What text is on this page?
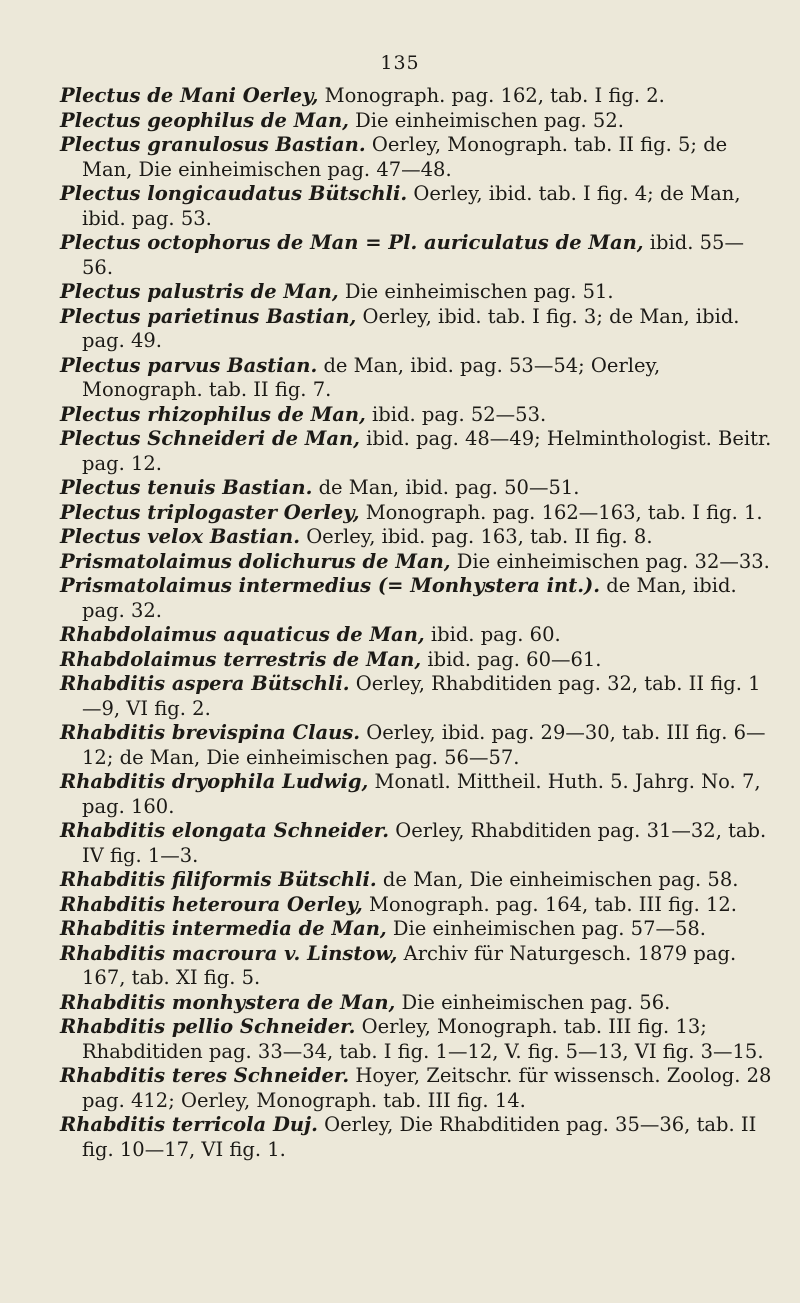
135
Plectus de Mani Oerley, Monograph. pag. 162, tab. I fig. 2.
Plectus geophilus de Man, Die einheimischen pag. 52.
Plectus granulosus Bastian. Oerley, Monograph. tab. II fig. 5; de Man, Die einheimischen pag. 47—48.
Plectus longicaudatus Bütschli. Oerley, ibid. tab. I fig. 4; de Man, ibid. pag. 53.
Plectus octophorus de Man = Pl. auriculatus de Man, ibid. 55—56.
Plectus palustris de Man, Die einheimischen pag. 51.
Plectus parietinus Bastian, Oerley, ibid. tab. I fig. 3; de Man, ibid. pag. 49.
Plectus parvus Bastian. de Man, ibid. pag. 53—54; Oerley, Monograph. tab. II fig. 7.
Plectus rhizophilus de Man, ibid. pag. 52—53.
Plectus Schneideri de Man, ibid. pag. 48—49; Helminthologist. Beitr. pag. 12.
Plectus tenuis Bastian. de Man, ibid. pag. 50—51.
Plectus triplogaster Oerley, Monograph. pag. 162—163, tab. I fig. 1.
Plectus velox Bastian. Oerley, ibid. pag. 163, tab. II fig. 8.
Prismatolaimus dolichurus de Man, Die einheimischen pag. 32—33.
Prismatolaimus intermedius (= Monhystera int.). de Man, ibid. pag. 32.
Rhabdolaimus aquaticus de Man, ibid. pag. 60.
Rhabdolaimus terrestris de Man, ibid. pag. 60—61.
Rhabditis aspera Bütschli. Oerley, Rhabditiden pag. 32, tab. II fig. 1—9, VI fig. 2.
Rhabditis brevispina Claus. Oerley, ibid. pag. 29—30, tab. III fig. 6—12; de Man, Die einheimischen pag. 56—57.
Rhabditis dryophila Ludwig, Monatl. Mittheil. Huth. 5. Jahrg. No. 7, pag. 160.
Rhabditis elongata Schneider. Oerley, Rhabditiden pag. 31—32, tab. IV fig. 1—3.
Rhabditis filiformis Bütschli. de Man, Die einheimischen pag. 58.
Rhabditis heteroura Oerley, Monograph. pag. 164, tab. III fig. 12.
Rhabditis intermedia de Man, Die einheimischen pag. 57—58.
Rhabditis macroura v. Linstow, Archiv für Naturgesch. 1879 pag. 167, tab. XI fig. 5.
Rhabditis monhystera de Man, Die einheimischen pag. 56.
Rhabditis pellio Schneider. Oerley, Monograph. tab. III fig. 13; Rhabditiden pag. 33—34, tab. I fig. 1—12, V. fig. 5—13, VI fig. 3—15.
Rhabditis teres Schneider. Hoyer, Zeitschr. für wissensch. Zoolog. 28 pag. 412; Oerley, Monograph. tab. III fig. 14.
Rhabditis terricola Duj. Oerley, Die Rhabditiden pag. 35—36, tab. II fig. 10—17, VI fig. 1.
